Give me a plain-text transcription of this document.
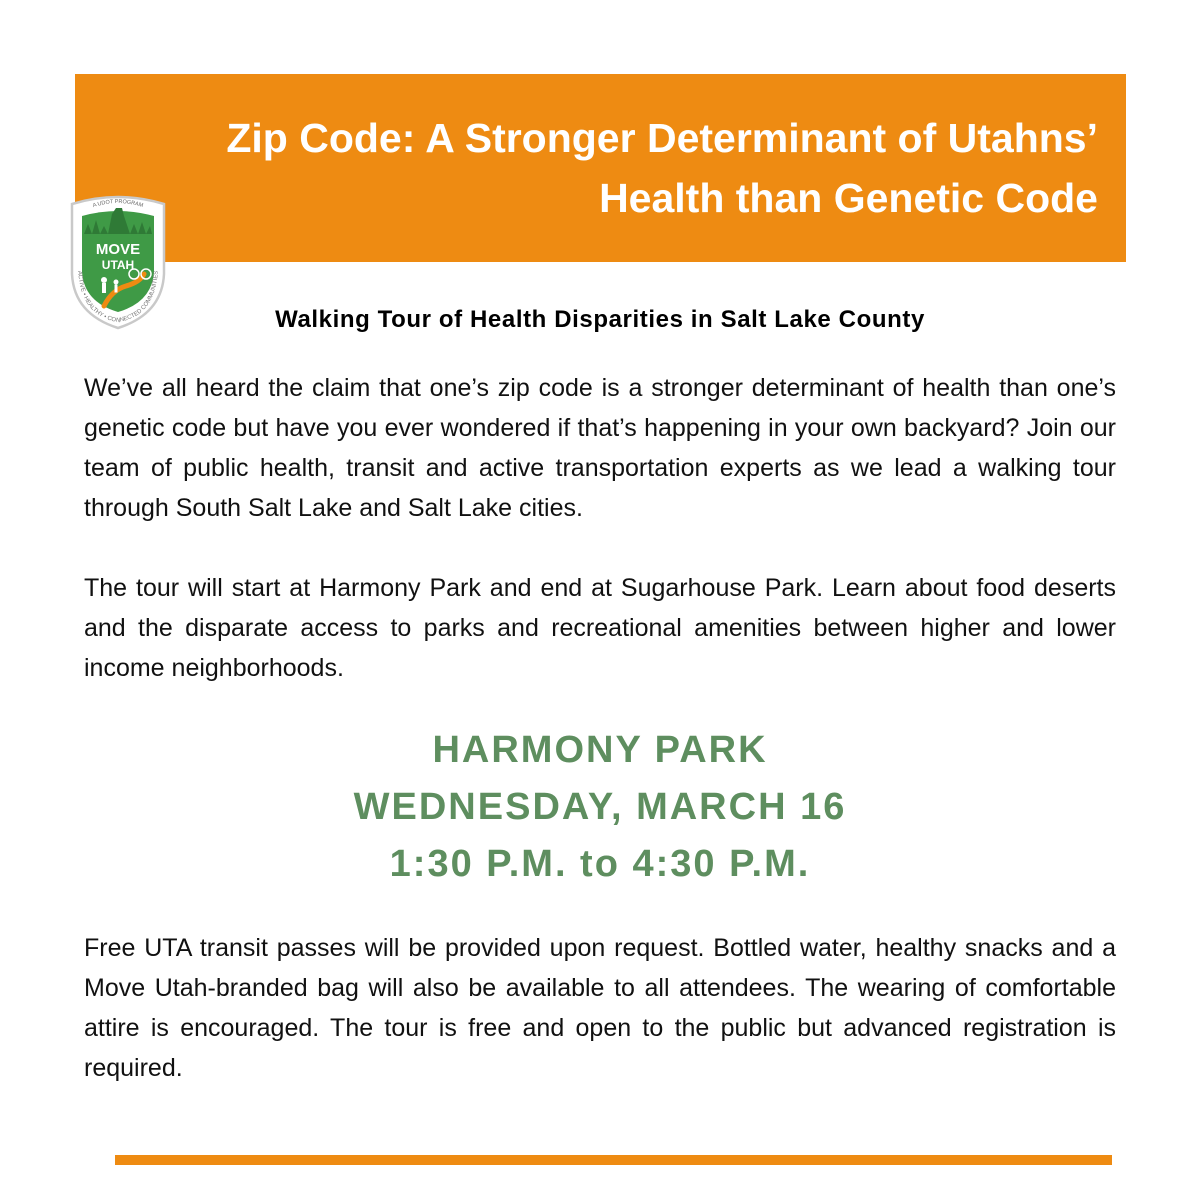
Zip Code: A Stronger Determinant of Utahns’
Health than Genetic Code
MOVE
UTAH
A UDOT PROGRAM
ACTIVE • HEALTHY • CONNECTED COMMUNITIES
Walking Tour of Health Disparities in Salt Lake County

We’ve all heard the claim that one’s zip code is a stronger determinant of health than one’s genetic code but have you ever wondered if that’s happening in your own backyard? Join our team of public health, transit and active transportation experts as we lead a walking tour through South Salt Lake and Salt Lake cities.

The tour will start at Harmony Park and end at Sugarhouse Park. Learn about food deserts and the disparate access to parks and recreational amenities between higher and lower income neighborhoods.

HARMONY PARK
WEDNESDAY, MARCH 16
1:30 P.M. to 4:30 P.M.

Free UTA transit passes will be provided upon request. Bottled water, healthy snacks and a Move Utah-branded bag will also be available to all attendees. The wearing of comfortable attire is encouraged. The tour is free and open to the public but advanced registration is required.
